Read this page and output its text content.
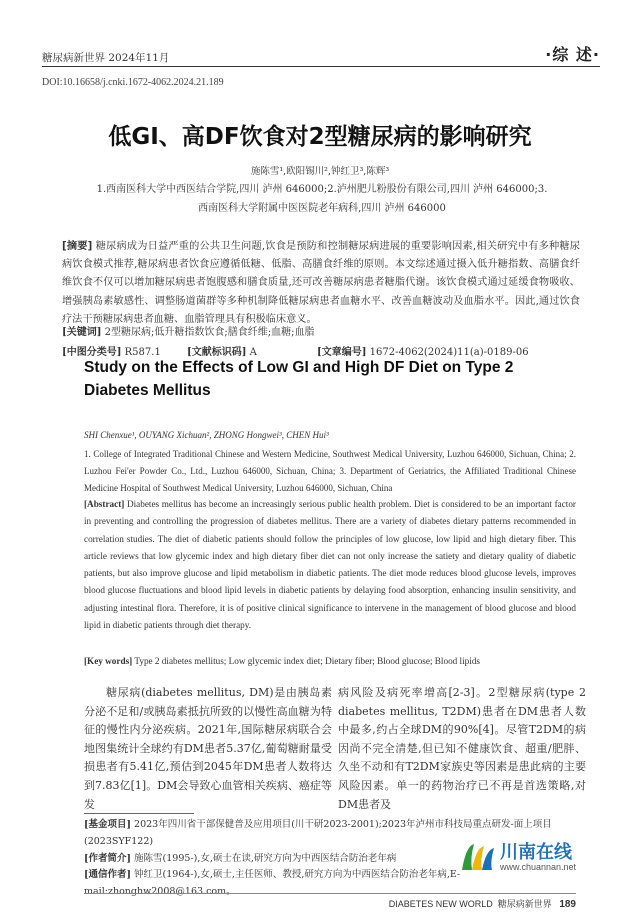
糖尿病新世界 2024年11月	·综 述·
DOI:10.16658/j.cnki.1672-4062.2024.21.189
低GI、高DF饮食对2型糖尿病的影响研究
施陈雪¹,欧阳锡川²,钟红卫³,陈辉³
1.西南医科大学中西医结合学院,四川 泸州 646000;2.泸州肥儿粉股份有限公司,四川 泸州 646000;3.
西南医科大学附属中医医院老年病科,四川 泸州 646000
[摘要] 糖尿病成为日益严重的公共卫生问题,饮食是预防和控制糖尿病进展的重要影响因素,相关研究中有多种糖尿病饮食模式推荐,糖尿病患者饮食应遵循低糖、低脂、高膳食纤维的原则。本文综述通过摄入低升糖指数、高膳食纤维饮食不仅可以增加糖尿病患者饱腹感和膳食质量,还可改善糖尿病患者糖脂代谢。该饮食模式通过延缓食物吸收、增强胰岛素敏感性、调整肠道菌群等多种机制降低糖尿病患者血糖水平、改善血糖波动及血脂水平。因此,通过饮食疗法干预糖尿病患者血糖、血脂管理具有积极临床意义。
[关键词] 2型糖尿病;低升糖指数饮食;膳食纤维;血糖;血脂
[中图分类号] R587.1	[文献标识码] A	[文章编号] 1672-4062(2024)11(a)-0189-06
Study on the Effects of Low GI and High DF Diet on Type 2 Diabetes Mellitus
SHI Chenxue¹, OUYANG Xichuan², ZHONG Hongwei³, CHEN Hui³
1. College of Integrated Traditional Chinese and Western Medicine, Southwest Medical University, Luzhou 646000, Sichuan, China; 2. Luzhou Fei'er Powder Co., Ltd., Luzhou 646000, Sichuan, China; 3. Department of Geriatrics, the Affiliated Traditional Chinese Medicine Hospital of Southwest Medical University, Luzhou 646000, Sichuan, China
[Abstract] Diabetes mellitus has become an increasingly serious public health problem. Diet is considered to be an important factor in preventing and controlling the progression of diabetes mellitus. There are a variety of diabetes dietary patterns recommended in correlation studies. The diet of diabetic patients should follow the principles of low glucose, low lipid and high dietary fiber. This article reviews that low glycemic index and high dietary fiber diet can not only increase the satiety and dietary quality of diabetic patients, but also improve glucose and lipid metabolism in diabetic patients. The diet mode reduces blood glucose levels, improves blood glucose fluctuations and blood lipid levels in diabetic patients by delaying food absorption, enhancing insulin sensitivity, and adjusting intestinal flora. Therefore, it is of positive clinical significance to intervene in the management of blood glucose and blood lipid in diabetic patients through diet therapy.
[Key words] Type 2 diabetes mellitus; Low glycemic index diet; Dietary fiber; Blood glucose; Blood lipids
糖尿病(diabetes mellitus, DM)是由胰岛素分泌不足和/或胰岛素抵抗所致的以慢性高血糖为特征的慢性内分泌疾病。2021年,国际糖尿病联合会地图集统计全球约有DM患者5.37亿,葡萄糖耐量受损患者有5.41亿,预估到2045年DM患者人数将达到7.83亿[1]。DM会导致心血管相关疾病、癌症等发
病风险及病死率增高[2-3]。2型糖尿病(type 2 diabetes mellitus, T2DM)患者在DM患者人数中最多,约占全球DM的90%[4]。尽管T2DM的病因尚不完全清楚,但已知不健康饮食、超重/肥胖、久坐不动和有T2DM家族史等因素是患此病的主要风险因素。单一的药物治疗已不再是首选策略,对DM患者及
[基金项目] 2023年四川省干部保健普及应用项目(川干研2023-2001);2023年泸州市科技局重点研发-面上项目(2023SYF122)
[作者简介] 施陈雪(1995-),女,硕士在读,研究方向为中西医结合防治老年病
[通信作者] 钟红卫(1964-),女,硕士,主任医师、教授,研究方向为中西医结合防治老年病,E-mail:zhonghw2008@163.com。
川南在线
www.chuannan.net
DIABETES NEW WORLD 糖尿病新世界 189
